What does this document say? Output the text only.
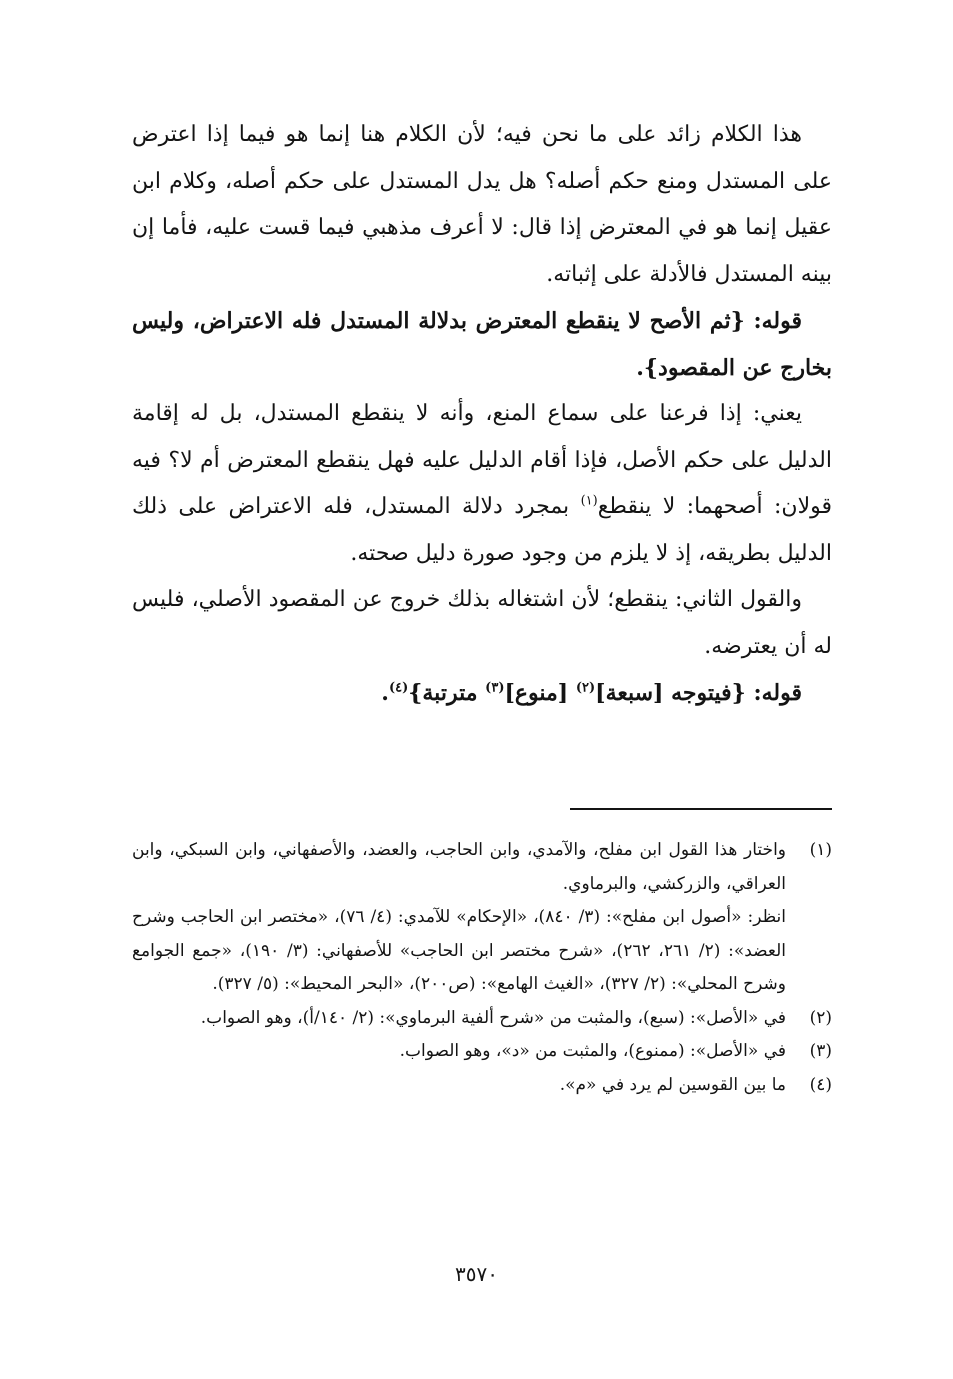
هذا الكلام زائد على ما نحن فيه؛ لأن الكلام هنا إنما هو فيما إذا اعترض على المستدل ومنع حكم أصله؟ هل يدل المستدل على حكم أصله، وكلام ابن عقيل إنما هو في المعترض إذا قال: لا أعرف مذهبي فيما قست عليه، فأما إن بينه المستدل فالأدلة على إثباته.

قوله: {ثم الأصح لا ينقطع المعترض بدلالة المستدل فله الاعتراض، وليس بخارج عن المقصود}.

يعني: إذا فرعنا على سماع المنع، وأنه لا ينقطع المستدل، بل له إقامة الدليل على حكم الأصل، فإذا أقام الدليل عليه فهل ينقطع المعترض أم لا؟ فيه قولان: أصحهما: لا ينقطع$^{(١)}$ بمجرد دلالة المستدل، فله الاعتراض على ذلك الدليل بطريقه، إذ لا يلزم من وجود صورة دليل صحته.

والقول الثاني: ينقطع؛ لأن اشتغاله بذلك خروج عن المقصود الأصلي، فليس له أن يعترضه.

قوله: {فيتوجه [سبعة]$^{(٢)}$ [منوع]$^{(٣)}$ مترتبة}$^{(٤)}$.

(١)
واختار هذا القول ابن مفلح، والآمدي، وابن الحاجب، والعضد، والأصفهاني، وابن السبكي، وابن العراقي، والزركشي، والبرماوي.
انظر: «أصول ابن مفلح»: (٣/ ٨٤٠)، «الإحكام» للآمدي: (٤/ ٧٦)، «مختصر ابن الحاجب وشرح العضد»: (٢/ ٢٦١، ٢٦٢)، «شرح مختصر ابن الحاجب» للأصفهاني: (٣/ ١٩٠)، «جمع الجوامع وشرح المحلي»: (٢/ ٣٢٧)، «الغيث الهامع»: (ص٢٠٠)، «البحر المحيط»: (٥/ ٣٢٧).
(٢)
في «الأصل»: (سبع)، والمثبت من «شرح ألفية البرماوي»: (٢/ ١٤٠/أ)، وهو الصواب.
(٣)
في «الأصل»: (ممنوع)، والمثبت من «د»، وهو الصواب.
(٤)
ما بين القوسين لم يرد في «م».
٣٥٧٠
